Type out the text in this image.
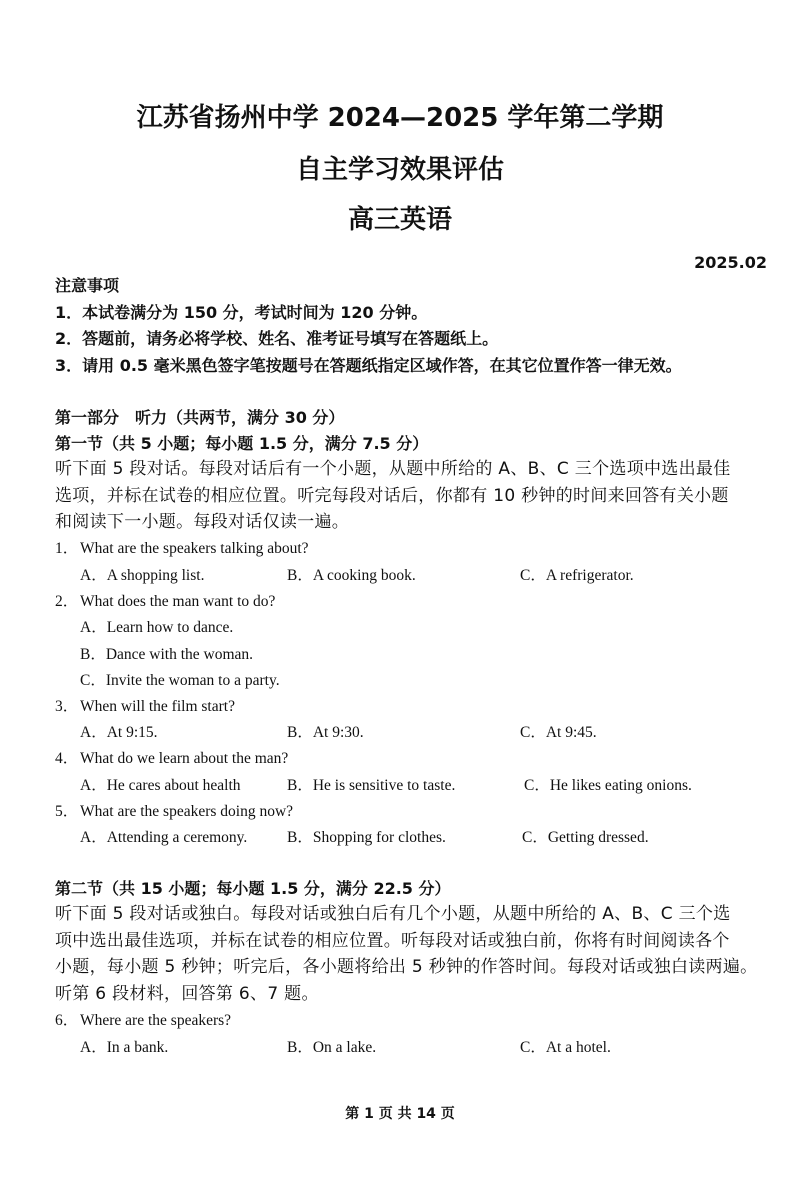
江苏省扬州中学 2024—2025 学年第二学期
自主学习效果评估
高三英语
2025.02
注意事项
1．本试卷满分为 150 分，考试时间为 120 分钟。
2．答题前，请务必将学校、姓名、准考证号填写在答题纸上。
3．请用 0.5 毫米黑色签字笔按题号在答题纸指定区域作答，在其它位置作答一律无效。
第一部分　听力（共两节，满分 30 分）
第一节（共 5 小题；每小题 1.5 分，满分 7.5 分）
听下面 5 段对话。每段对话后有一个小题，从题中所给的 A、B、C 三个选项中选出最佳
选项，并标在试卷的相应位置。听完每段对话后，你都有 10 秒钟的时间来回答有关小题
和阅读下一小题。每段对话仅读一遍。
1． What are the speakers talking about?
A．A shopping list.	B．A cooking book.	C．A refrigerator.
2． What does the man want to do?
A．Learn how to dance.
B．Dance with the woman.
C．Invite the woman to a party.
3． When will the film start?
A．At 9:15.	B．At 9:30.	C．At 9:45.
4． What do we learn about the man?
A．He cares about health	B．He is sensitive to taste.	C．He likes eating onions.
5． What are the speakers doing now?
A．Attending a ceremony.	B．Shopping for clothes.	C．Getting dressed.
第二节（共 15 小题；每小题 1.5 分，满分 22.5 分）
听下面 5 段对话或独白。每段对话或独白后有几个小题，从题中所给的 A、B、C 三个选
项中选出最佳选项，并标在试卷的相应位置。听每段对话或独白前，你将有时间阅读各个
小题，每小题 5 秒钟；听完后，各小题将给出 5 秒钟的作答时间。每段对话或独白读两遍。
听第 6 段材料，回答第 6、7 题。
6． Where are the speakers?
A．In a bank.	B．On a lake.	C．At a hotel.
第 1 页 共 14 页
